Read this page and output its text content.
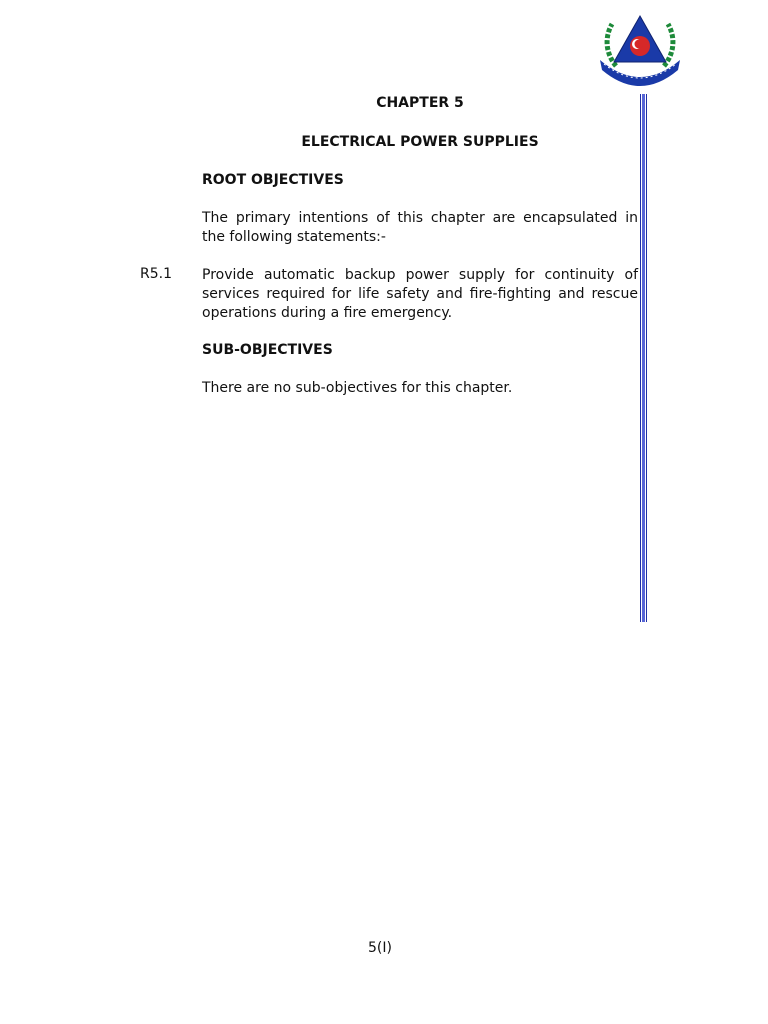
CHAPTER 5
ELECTRICAL POWER SUPPLIES
ROOT OBJECTIVES
The primary intentions of this chapter are encapsulated in the following statements:-
R5.1 Provide automatic backup power supply for continuity of services required for life safety and fire-fighting and rescue operations during a fire emergency.
SUB-OBJECTIVES
There are no sub-objectives for this chapter.
5(I)
